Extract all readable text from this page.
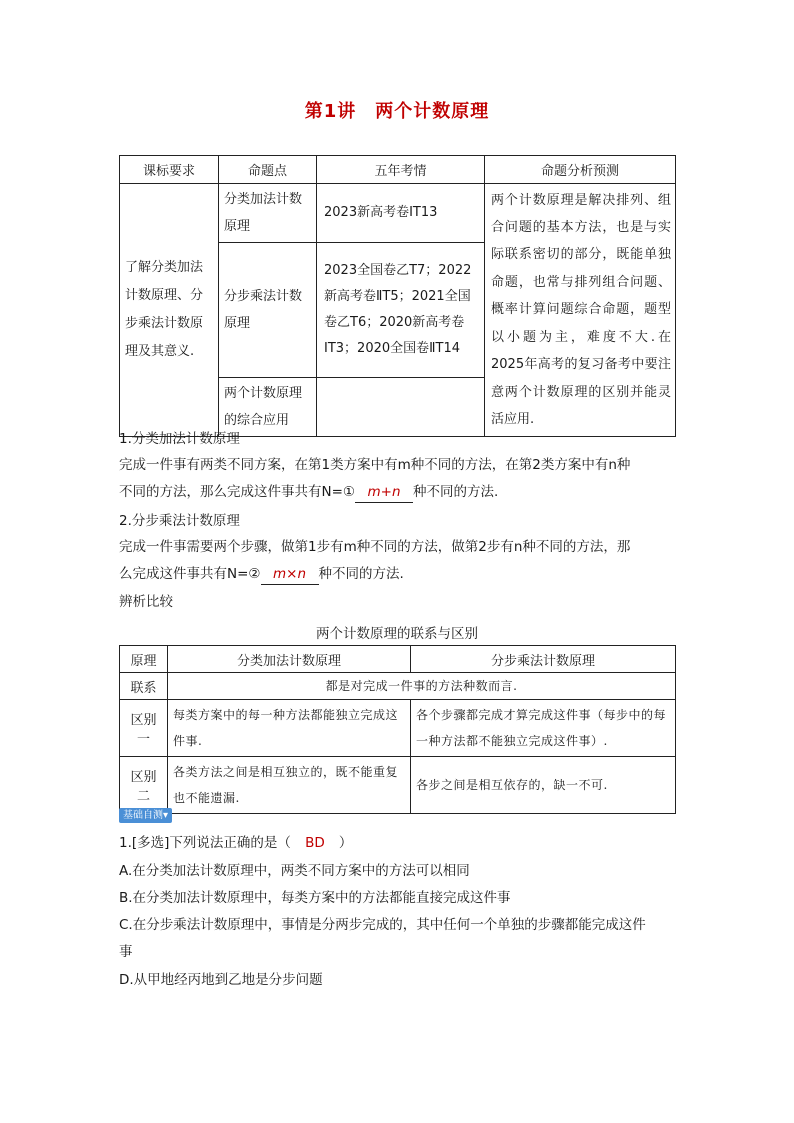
第1讲　两个计数原理
课标要求	命题点	五年考情	命题分析预测
了解分类加法计数原理、分步乘法计数原理及其意义.	分类加法计数原理	2023新高考卷ⅠT13	两个计数原理是解决排列、组合问题的基本方法，也是与实际联系密切的部分，既能单独命题，也常与排列组合问题、概率计算问题综合命题，题型以小题为主，难度不大.在2025年高考的复习备考中要注意两个计数原理的区别并能灵活应用.
	分步乘法计数原理	2023全国卷乙T7；2022新高考卷ⅡT5；2021全国卷乙T6；2020新高考卷ⅠT3；2020全国卷ⅡT14	
	两个计数原理的综合应用		
1.分类加法计数原理
完成一件事有两类不同方案，在第1类方案中有m种不同的方法，在第2类方案中有n种
不同的方法，那么完成这件事共有N=① m+n 种不同的方法.
2.分步乘法计数原理
完成一件事需要两个步骤，做第1步有m种不同的方法，做第2步有n种不同的方法，那
么完成这件事共有N=② m×n 种不同的方法.
辨析比较
两个计数原理的联系与区别
原理	分类加法计数原理	分步乘法计数原理
联系	都是对完成一件事的方法种数而言.	
区别一	每类方案中的每一种方法都能独立完成这件事.	各个步骤都完成才算完成这件事（每步中的每一种方法都不能独立完成这件事）.
区别二	各类方法之间是相互独立的，既不能重复也不能遗漏.	各步之间是相互依存的，缺一不可.
基础自测▾
1.[多选]下列说法正确的是（ BD ）
A.在分类加法计数原理中，两类不同方案中的方法可以相同
B.在分类加法计数原理中，每类方案中的方法都能直接完成这件事
C.在分步乘法计数原理中，事情是分两步完成的，其中任何一个单独的步骤都能完成这件
事
D.从甲地经丙地到乙地是分步问题
